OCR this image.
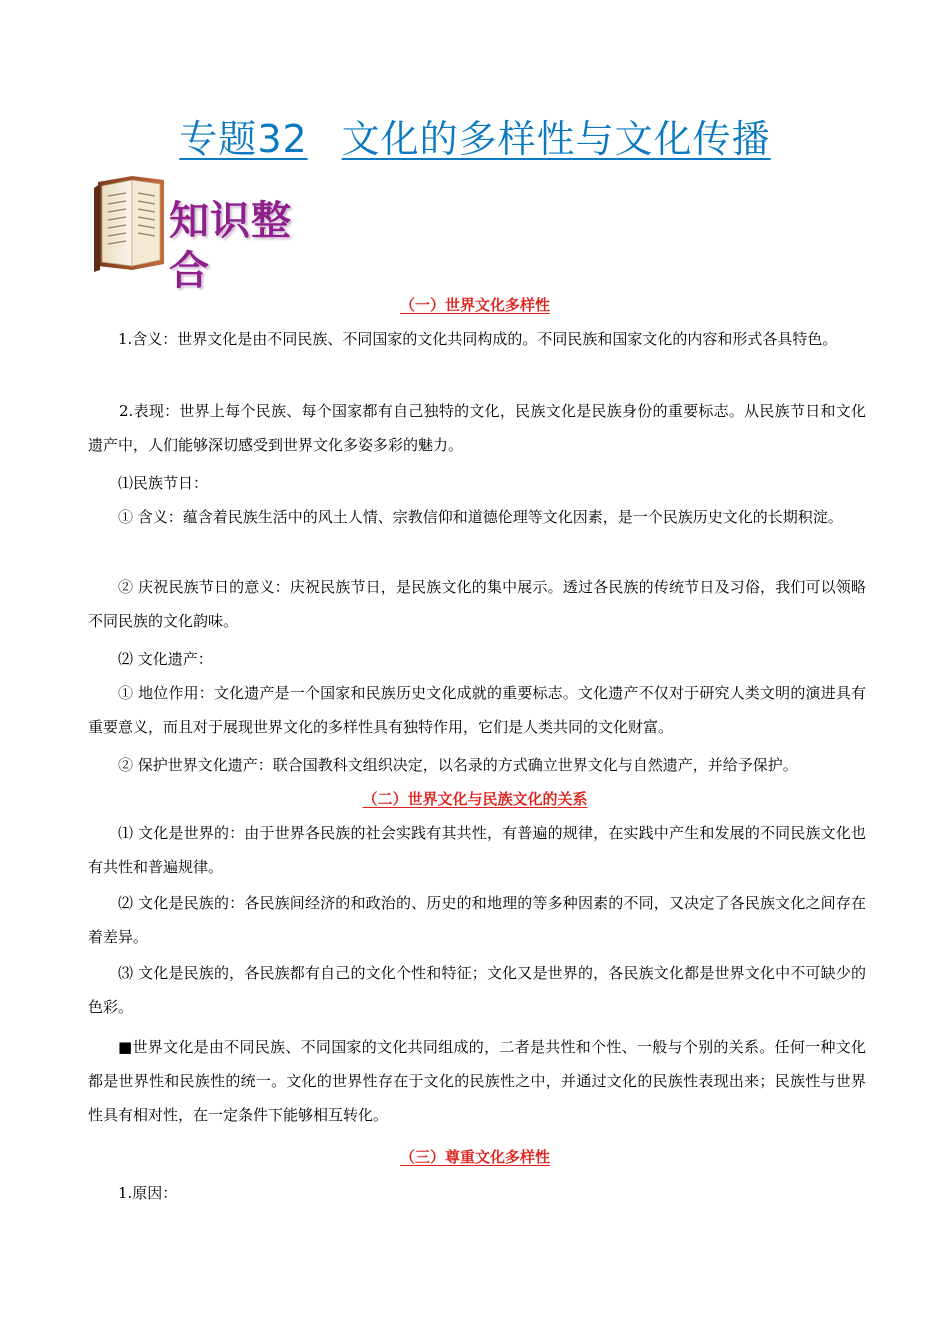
专题32 文化的多样性与文化传播
知识整合
（一）世界文化多样性
1.含义：世界文化是由不同民族、不同国家的文化共同构成的。不同民族和国家文化的内容和形式各具特色。
2.表现：世界上每个民族、每个国家都有自己独特的文化，民族文化是民族身份的重要标志。从民族节日和文化遗产中，人们能够深切感受到世界文化多姿多彩的魅力。
⑴民族节日：
① 含义：蕴含着民族生活中的风土人情、宗教信仰和道德伦理等文化因素，是一个民族历史文化的长期积淀。
② 庆祝民族节日的意义：庆祝民族节日，是民族文化的集中展示。透过各民族的传统节日及习俗，我们可以领略不同民族的文化韵味。
⑵ 文化遗产：
① 地位作用：文化遗产是一个国家和民族历史文化成就的重要标志。文化遗产不仅对于研究人类文明的演进具有重要意义，而且对于展现世界文化的多样性具有独特作用，它们是人类共同的文化财富。
② 保护世界文化遗产：联合国教科文组织决定，以名录的方式确立世界文化与自然遗产，并给予保护。
（二）世界文化与民族文化的关系
⑴ 文化是世界的：由于世界各民族的社会实践有其共性，有普遍的规律，在实践中产生和发展的不同民族文化也有共性和普遍规律。
⑵ 文化是民族的：各民族间经济的和政治的、历史的和地理的等多种因素的不同，又决定了各民族文化之间存在着差异。
⑶ 文化是民族的，各民族都有自己的文化个性和特征；文化又是世界的，各民族文化都是世界文化中不可缺少的色彩。
■世界文化是由不同民族、不同国家的文化共同组成的，二者是共性和个性、一般与个别的关系。任何一种文化都是世界性和民族性的统一。文化的世界性存在于文化的民族性之中，并通过文化的民族性表现出来；民族性与世界性具有相对性，在一定条件下能够相互转化。
（三）尊重文化多样性
1.原因：
